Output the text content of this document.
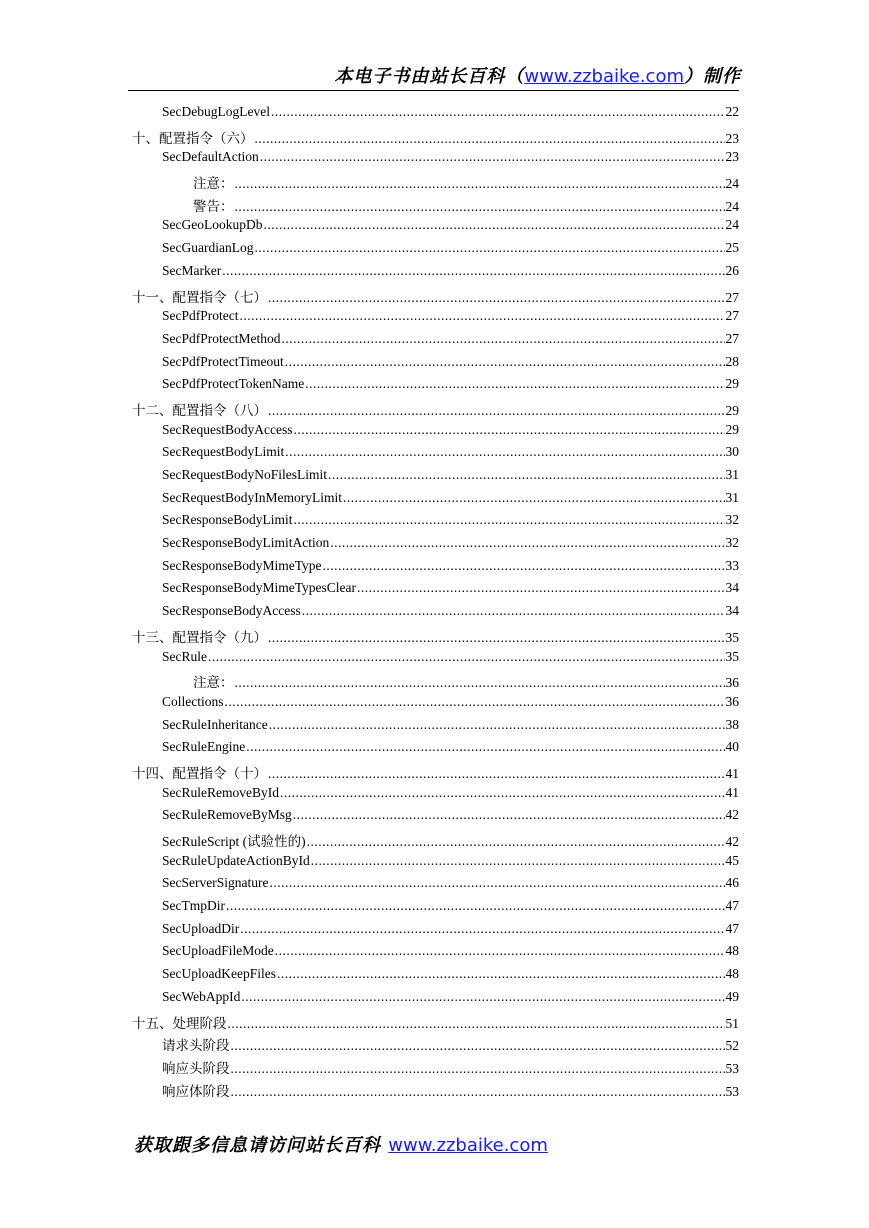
本电子书由站长百科（www.zzbaike.com）制作
SecDebugLogLevel .....	22
十、配置指令（六） .....	23
SecDefaultAction .....	23
注意： .....	24
警告： .....	24
SecGeoLookupDb .....	24
SecGuardianLog .....	25
SecMarker .....	26
十一、配置指令（七） .....	27
SecPdfProtect .....	27
SecPdfProtectMethod .....	27
SecPdfProtectTimeout .....	28
SecPdfProtectTokenName .....	29
十二、配置指令（八） .....	29
SecRequestBodyAccess .....	29
SecRequestBodyLimit .....	30
SecRequestBodyNoFilesLimit .....	31
SecRequestBodyInMemoryLimit .....	31
SecResponseBodyLimit .....	32
SecResponseBodyLimitAction .....	32
SecResponseBodyMimeType .....	33
SecResponseBodyMimeTypesClear .....	34
SecResponseBodyAccess .....	34
十三、配置指令（九） .....	35
SecRule .....	35
注意： .....	36
Collections .....	36
SecRuleInheritance .....	38
SecRuleEngine .....	40
十四、配置指令（十） .....	41
SecRuleRemoveById .....	41
SecRuleRemoveByMsg .....	42
SecRuleScript (试验性的) .....	42
SecRuleUpdateActionById .....	45
SecServerSignature .....	46
SecTmpDir .....	47
SecUploadDir .....	47
SecUploadFileMode .....	48
SecUploadKeepFiles .....	48
SecWebAppId .....	49
十五、处理阶段 .....	51
请求头阶段 .....	52
响应头阶段 .....	53
响应体阶段 .....	53
获取跟多信息请访问站长百科 www.zzbaike.com
